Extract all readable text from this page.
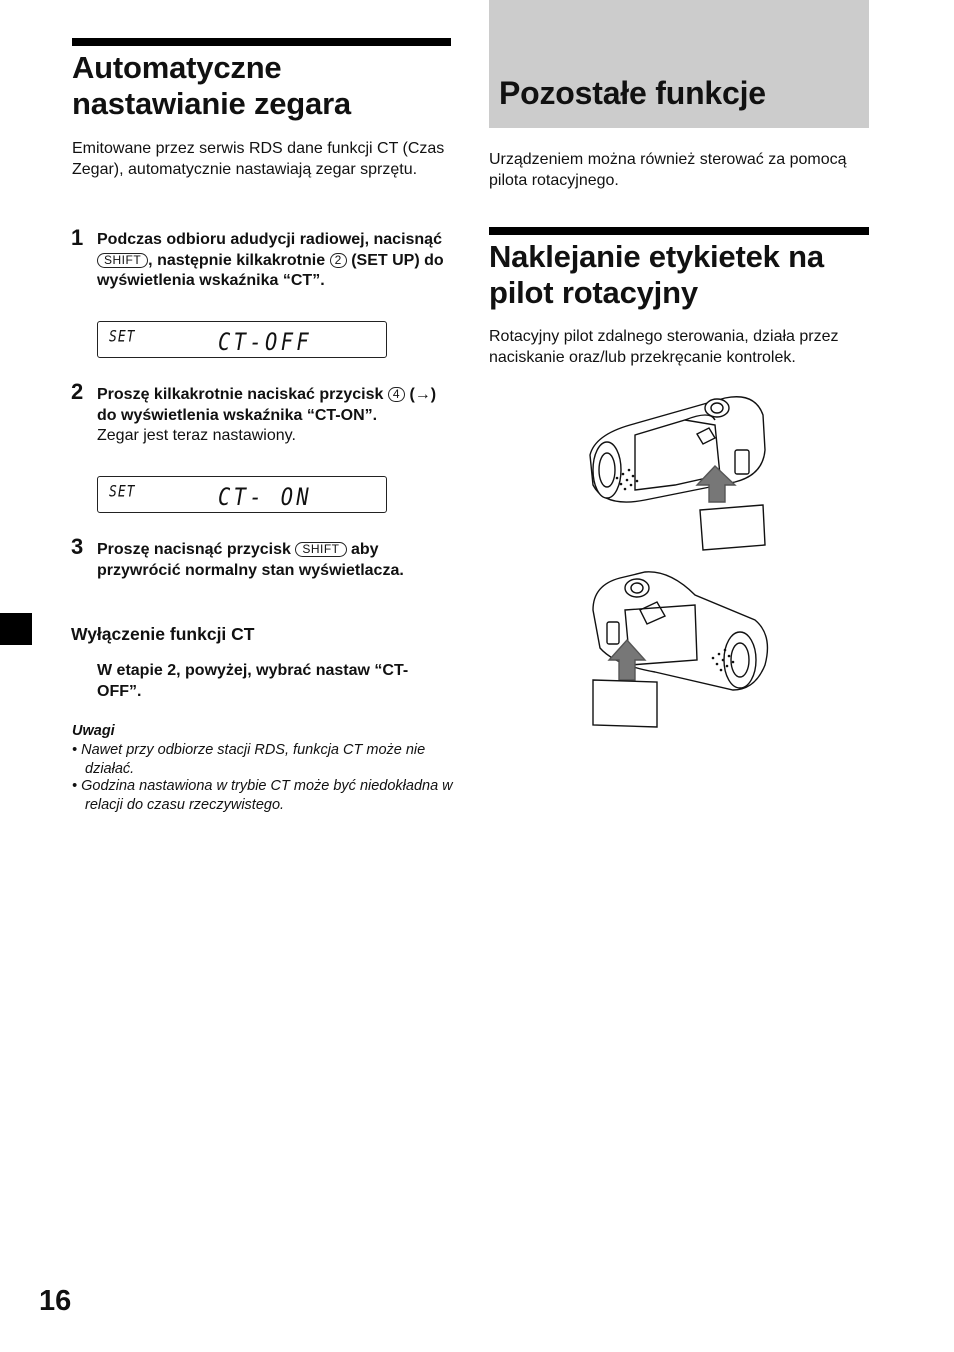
Automatyczne
nastawianie zegara

Emitowane przez serwis RDS dane funkcji CT (Czas Zegar), automatycznie nastawiają zegar sprzętu.

1 Podczas odbioru adudycji radiowej, nacisnąć SHIFT , następnie kilkakrotnie 2 (SET UP) do wyświetlenia wskaźnika “CT”.
SET	CT-OFF
2 Proszę kilkakrotnie naciskać przycisk 4 (→) do wyświetlenia wskaźnika “CT-ON”.
Zegar jest teraz nastawiony.
SET	CT- ON
3 Proszę nacisnąć przycisk SHIFT aby przywrócić normalny stan wyświetlacza.
Wyłączenie funkcji CT
W etapie 2, powyżej, wybrać nastaw “CT-OFF”.
Uwagi
• Nawet przy odbiorze stacji RDS, funkcja CT może nie działać.
• Godzina nastawiona w trybie CT może być niedokładna w relacji do czasu rzeczywistego.
Pozostałe funkcje

Urządzeniem można również sterować za pomocą pilota rotacyjnego.

Naklejanie etykietek na pilot rotacyjny

Rotacyjny pilot zdalnego sterowania, działa przez naciskanie oraz/lub przekręcanie kontrolek.

16
